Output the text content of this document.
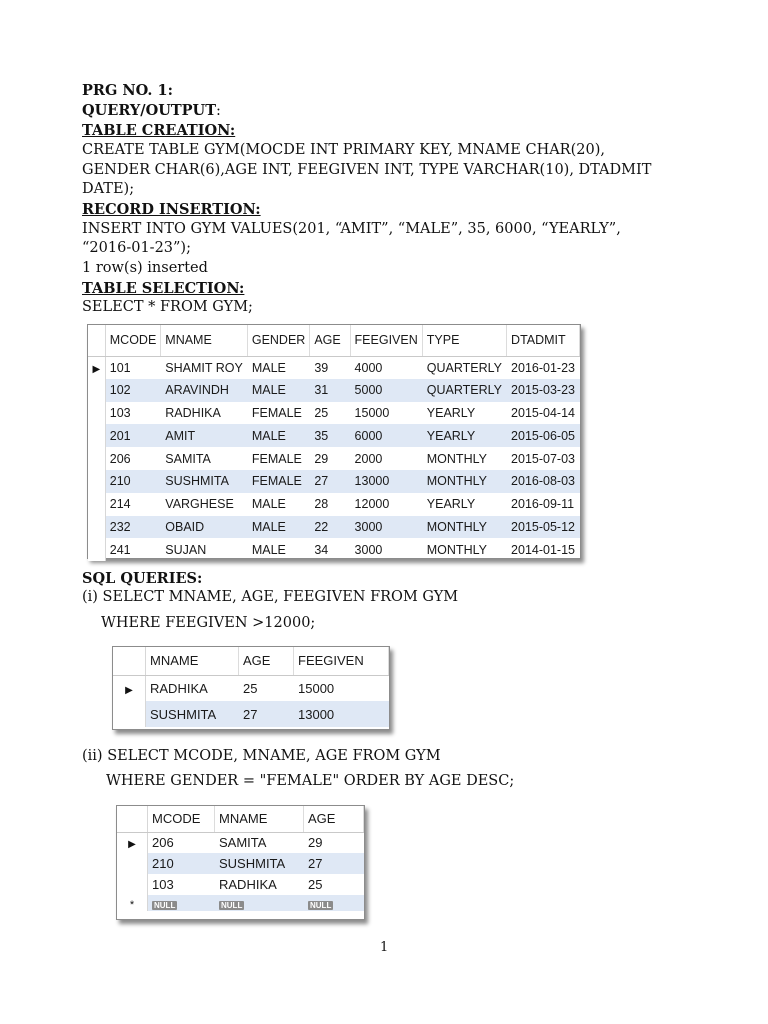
PRG NO. 1:
QUERY/OUTPUT:
TABLE CREATION:
CREATE TABLE GYM(MOCDE INT PRIMARY KEY, MNAME CHAR(20),
GENDER CHAR(6),AGE INT, FEEGIVEN INT, TYPE VARCHAR(10), DTADMIT
DATE);
RECORD INSERTION:
INSERT INTO GYM VALUES(201, “AMIT”, “MALE”, 35, 6000, “YEARLY”,
“2016-01-23”);
1 row(s) inserted
TABLE SELECTION:
SELECT * FROM GYM;
	MCODE	MNAME	GENDER	AGE	FEEGIVEN	TYPE	DTADMIT
▶	101	SHAMIT ROY	MALE	39	4000	QUARTERLY	2016-01-23
	102	ARAVINDH	MALE	31	5000	QUARTERLY	2015-03-23
	103	RADHIKA	FEMALE	25	15000	YEARLY	2015-04-14
	201	AMIT	MALE	35	6000	YEARLY	2015-06-05
	206	SAMITA	FEMALE	29	2000	MONTHLY	2015-07-03
	210	SUSHMITA	FEMALE	27	13000	MONTHLY	2016-08-03
	214	VARGHESE	MALE	28	12000	YEARLY	2016-09-11
	232	OBAID	MALE	22	3000	MONTHLY	2015-05-12
	241	SUJAN	MALE	34	3000	MONTHLY	2014-01-15
SQL QUERIES:
(i) SELECT MNAME, AGE, FEEGIVEN FROM GYM
WHERE FEEGIVEN >12000;
	MNAME	AGE	FEEGIVEN
▶	RADHIKA	25	15000
	SUSHMITA	27	13000
(ii) SELECT MCODE, MNAME, AGE FROM GYM
WHERE GENDER = "FEMALE" ORDER BY AGE DESC;
	MCODE	MNAME	AGE
▶	206	SAMITA	29
	210	SUSHMITA	27
	103	RADHIKA	25
*	NULL	NULL	NULL
1
